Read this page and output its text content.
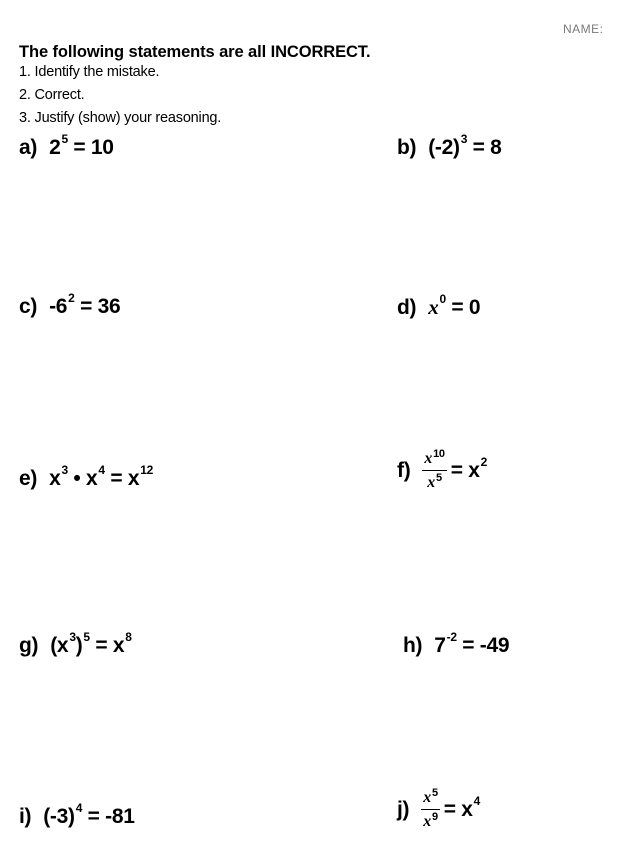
NAME:
The following statements are all INCORRECT.
1. Identify the mistake.
2. Correct.
3. Justify (show) your reasoning.
a) $2^5$
= 10	b) $(-2)^3$
= 8
c) $-6^2$
= 36	d) $x^0$
= 0
e) $x^3$
•
$x^4$
=
$x^{12}$	$f) \frac{x^{10}}{x^5}$ =
$x^2$
g) ($x^3$ )$^5$
=
$x^8$	h) $7^{-2}$
= -49
i) $(-3)^4$
= -81	$j) \frac{x^5}{x^9}$ =
$x^4$
